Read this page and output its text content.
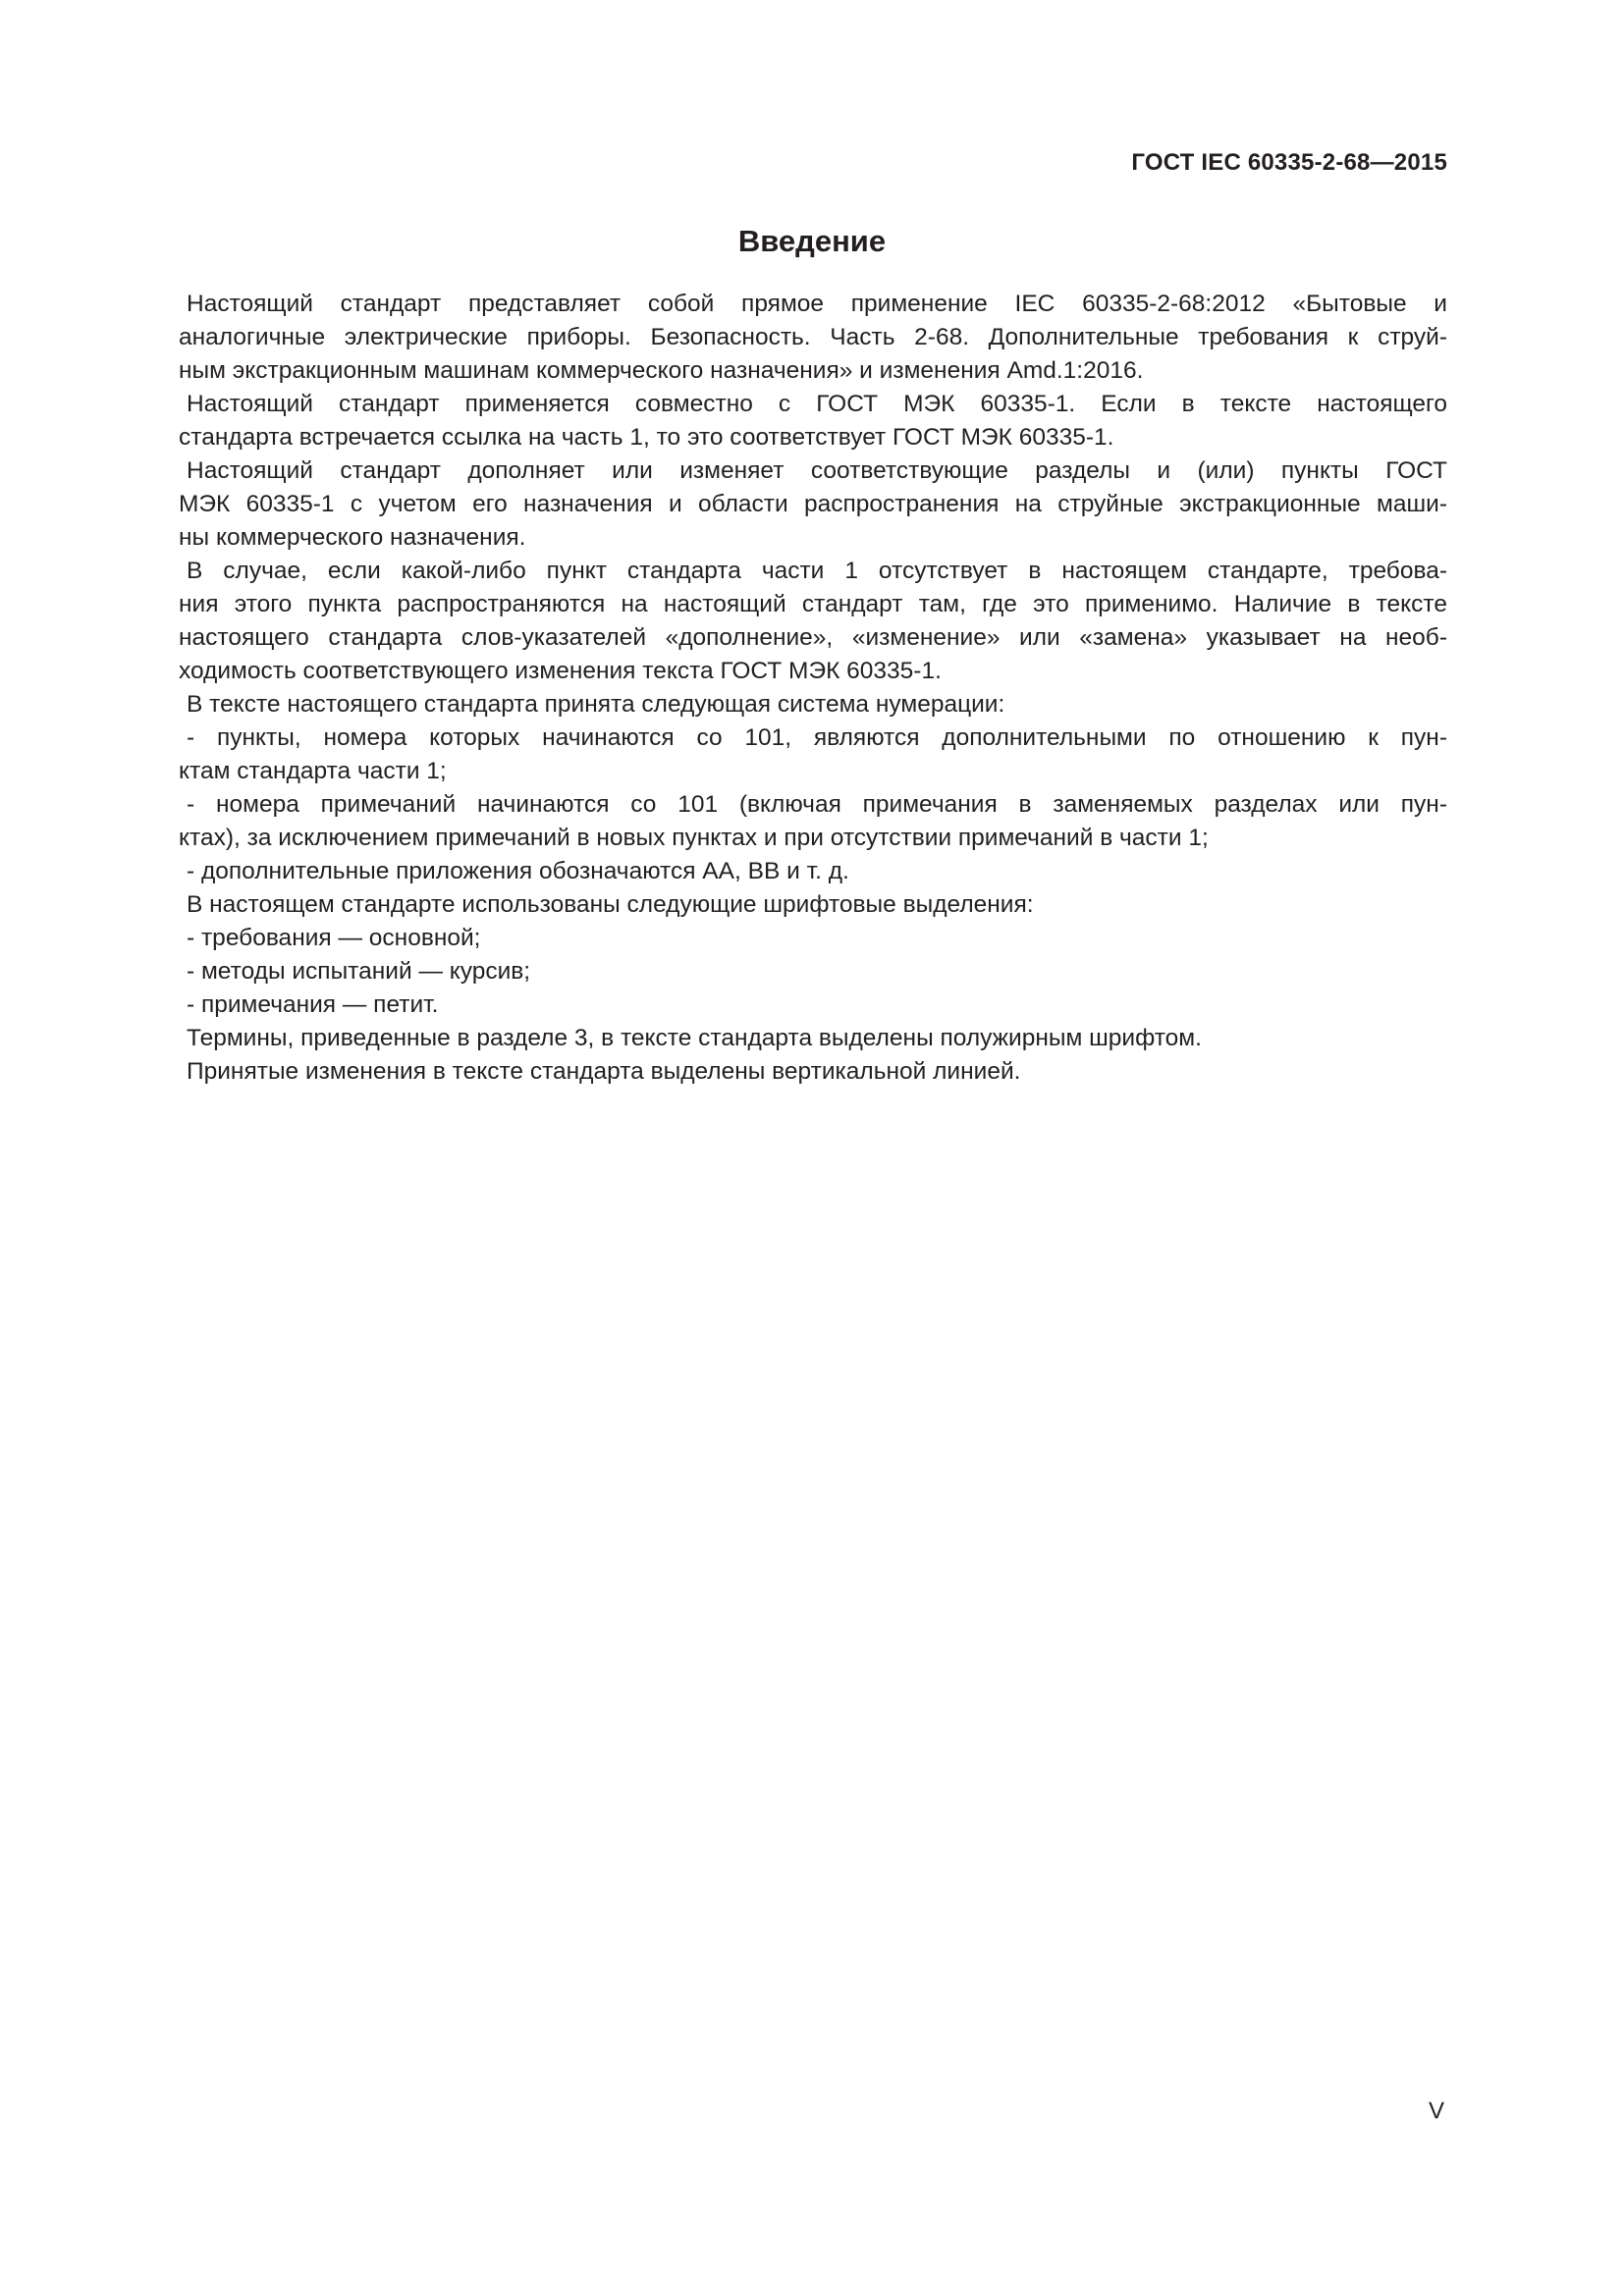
ГОСТ IEC 60335-2-68—2015
Введение
Настоящий стандарт представляет собой прямое применение IEC 60335-2-68:2012 «Бытовые и
аналогичные электрические приборы. Безопасность. Часть 2-68. Дополнительные требования к струй-
ным экстракционным машинам коммерческого назначения» и изменения Amd.1:2016.
Настоящий стандарт применяется совместно с ГОСТ МЭК 60335-1. Если в тексте настоящего
стандарта встречается ссылка на часть 1, то это соответствует ГОСТ МЭК 60335-1.
Настоящий стандарт дополняет или изменяет соответствующие разделы и (или) пункты ГОСТ
МЭК 60335-1 с учетом его назначения и области распространения на струйные экстракционные маши-
ны коммерческого назначения.
В случае, если какой-либо пункт стандарта части 1 отсутствует в настоящем стандарте, требова-
ния этого пункта распространяются на настоящий стандарт там, где это применимо. Наличие в тексте
настоящего стандарта слов-указателей «дополнение», «изменение» или «замена» указывает на необ-
ходимость соответствующего изменения текста ГОСТ МЭК 60335-1.
В тексте настоящего стандарта принята следующая система нумерации:
- пункты, номера которых начинаются со 101, являются дополнительными по отношению к пун-
ктам стандарта части 1;
- номера примечаний начинаются со 101 (включая примечания в заменяемых разделах или пун-
ктах), за исключением примечаний в новых пунктах и при отсутствии примечаний в части 1;
- дополнительные приложения обозначаются AA, BB и т. д.
В настоящем стандарте использованы следующие шрифтовые выделения:
- требования — основной;
- методы испытаний — курсив;
- примечания — петит.
Термины, приведенные в разделе 3, в тексте стандарта выделены полужирным шрифтом.
Принятые изменения в тексте стандарта выделены вертикальной линией.
V
